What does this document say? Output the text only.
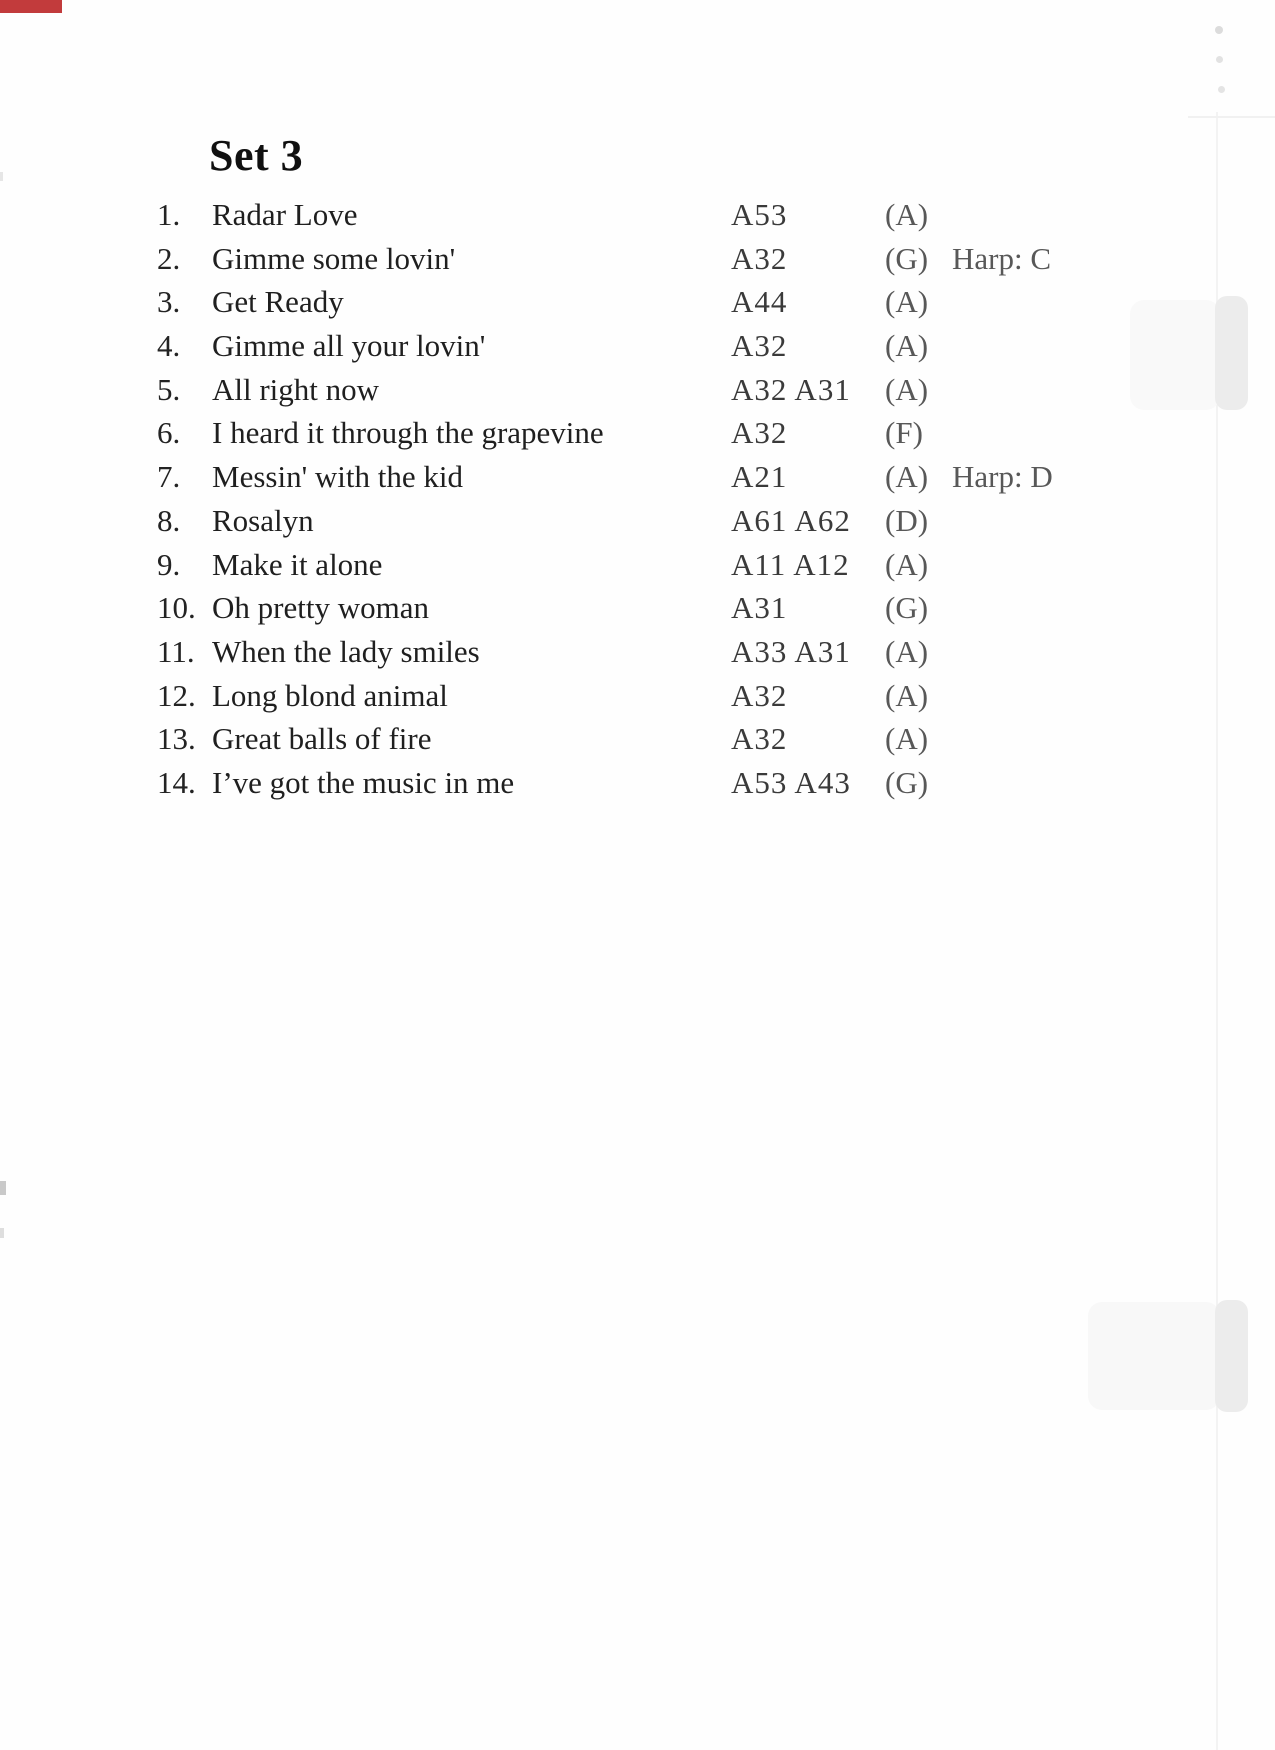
Set 3
1. Radar Love	A53	(A)
2. Gimme some lovin'	A32	(G) Harp: C
3. Get Ready	A44	(A)
4. Gimme all your lovin'	A32	(A)
5. All right now	A32 A31 (A)
6. I heard it through the grapevine	A32	(F)
7. Messin' with the kid	A21	(A) Harp: D
8. Rosalyn	A61 A62 (D)
9. Make it alone	A11 A12 (A)
10. Oh pretty woman	A31	(G)
11. When the lady smiles	A33 A31 (A)
12. Long blond animal	A32	(A)
13. Great balls of fire	A32	(A)
14. I’ve got the music in me	A53 A43 (G)
